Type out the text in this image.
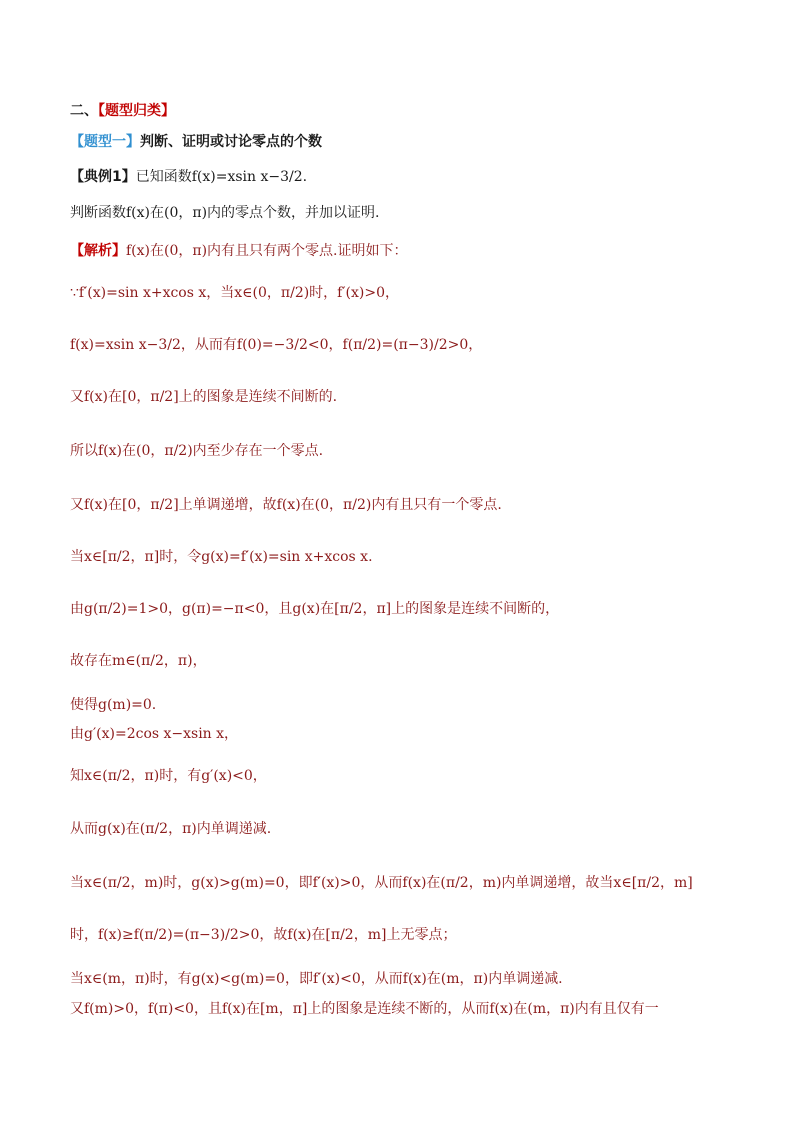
二、【题型归类】
【题型一】判断、证明或讨论零点的个数
【典例1】已知函数f(x)=xsin x−3/2.
判断函数f(x)在(0，π)内的零点个数，并加以证明.
【解析】f(x)在(0，π)内有且只有两个零点.证明如下：
∵f′(x)=sin x+xcos x，当x∈(0，π/2)时，f′(x)>0，
f(x)=xsin x−3/2，从而有f(0)=−3/2<0，f(π/2)=(π−3)/2>0，
又f(x)在[0，π/2]上的图象是连续不间断的.
所以f(x)在(0，π/2)内至少存在一个零点.
又f(x)在[0，π/2]上单调递增，故f(x)在(0，π/2)内有且只有一个零点.
当x∈[π/2，π]时，令g(x)=f′(x)=sin x+xcos x.
由g(π/2)=1>0，g(π)=−π<0，且g(x)在[π/2，π]上的图象是连续不间断的，
故存在m∈(π/2，π)，
使得g(m)=0.
由g′(x)=2cos x−xsin x，
知x∈(π/2，π)时，有g′(x)<0，
从而g(x)在(π/2，π)内单调递减.
当x∈(π/2，m)时，g(x)>g(m)=0，即f′(x)>0，从而f(x)在(π/2，m)内单调递增，故当x∈[π/2，m]
时，f(x)≥f(π/2)=(π−3)/2>0，故f(x)在[π/2，m]上无零点；
当x∈(m，π)时，有g(x)<g(m)=0，即f′(x)<0，从而f(x)在(m，π)内单调递减.
又f(m)>0，f(π)<0，且f(x)在[m，π]上的图象是连续不断的，从而f(x)在(m，π)内有且仅有一
